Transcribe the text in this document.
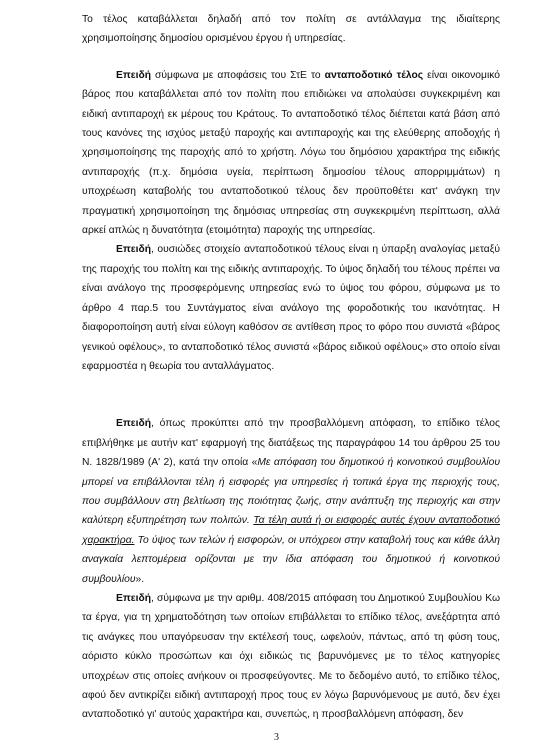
Το τέλος καταβάλλεται δηλαδή από τον πολίτη σε αντάλλαγμα της ιδιαίτερης χρησιμοποίησης δημοσίου ορισμένου έργου ή υπηρεσίας.

Επειδή σύμφωνα με αποφάσεις του ΣτΕ το ανταποδοτικό τέλος είναι οικονομικό βάρος που καταβάλλεται από τον πολίτη που επιδιώκει να απολαύσει συγκεκριμένη και ειδική αντιπαροχή εκ μέρους του Κράτους. Το ανταποδοτικό τέλος διέπεται κατά βάση από τους κανόνες της ισχύος μεταξύ παροχής και αντιπαροχής και της ελεύθερης αποδοχής ή χρησιμοποίησης της παροχής από το χρήστη. Λόγω του δημόσιου χαρακτήρα της ειδικής αντιπαροχής (π.χ. δημόσια υγεία, περίπτωση δημοσίου τέλους απορριμμάτων) η υποχρέωση καταβολής του ανταποδοτικού τέλους δεν προϋποθέτει κατ' ανάγκη την πραγματική χρησιμοποίηση της δημόσιας υπηρεσίας στη συγκεκριμένη περίπτωση, αλλά αρκεί απλώς η δυνατότητα (ετοιμότητα) παροχής της υπηρεσίας.

Επειδή, ουσιώδες στοιχείο ανταποδοτικού τέλους είναι η ύπαρξη αναλογίας μεταξύ της παροχής του πολίτη και της ειδικής αντιπαροχής. Το ύψος δηλαδή του τέλους πρέπει να είναι ανάλογο της προσφερόμενης υπηρεσίας ενώ το ύψος του φόρου, σύμφωνα με το άρθρο 4 παρ.5 του Συντάγματος είναι ανάλογο της φοροδοτικής του ικανότητας. Η διαφοροποίηση αυτή είναι εύλογη καθόσον σε αντίθεση προς το φόρο που συνιστά «βάρος γενικού οφέλους», το ανταποδοτικό τέλος συνιστά «βάρος ειδικού οφέλους» στο οποίο είναι εφαρμοστέα η θεωρία του ανταλλάγματος.

Επειδή, όπως προκύπτει από την προσβαλλόμενη απόφαση, το επίδικο τέλος επιβλήθηκε με αυτήν κατ' εφαρμογή της διατάξεως της παραγράφου 14 του άρθρου 25 του Ν. 1828/1989 (Α' 2), κατά την οποία «Με απόφαση του δημοτικού ή κοινοτικού συμβουλίου μπορεί να επιβάλλονται τέλη ή εισφορές για υπηρεσίες ή τοπικά έργα της περιοχής τους, που συμβάλλουν στη βελτίωση της ποιότητας ζωής, στην ανάπτυξη της περιοχής και στην καλύτερη εξυπηρέτηση των πολιτών. Τα τέλη αυτά ή οι εισφορές αυτές έχουν ανταποδοτικό χαρακτήρα. Το ύψος των τελών ή εισφορών, οι υπόχρεοι στην καταβολή τους και κάθε άλλη αναγκαία λεπτομέρεια ορίζονται με την ίδια απόφαση του δημοτικού ή κοινοτικού συμβουλίου».

Επειδή, σύμφωνα με την αριθμ. 408/2015 απόφαση του Δημοτικού Συμβουλίου Κω τα έργα, για τη χρηματοδότηση των οποίων επιβάλλεται το επίδικο τέλος, ανεξάρτητα από τις ανάγκες που υπαγόρευσαν την εκτέλεσή τους, ωφελούν, πάντως, από τη φύση τους, αόριστο κύκλο προσώπων και όχι ειδικώς τις βαρυνόμενες με το τέλος κατηγορίες υποχρέων στις οποίες ανήκουν οι προσφεύγοντες. Με το δεδομένο αυτό, το επίδικο τέλος, αφού δεν αντικρίζει ειδική αντιπαροχή προς τους εν λόγω βαρυνόμενους με αυτό, δεν έχει ανταποδοτικό γι' αυτούς χαρακτήρα και, συνεπώς, η προσβαλλόμενη απόφαση, δεν

3
